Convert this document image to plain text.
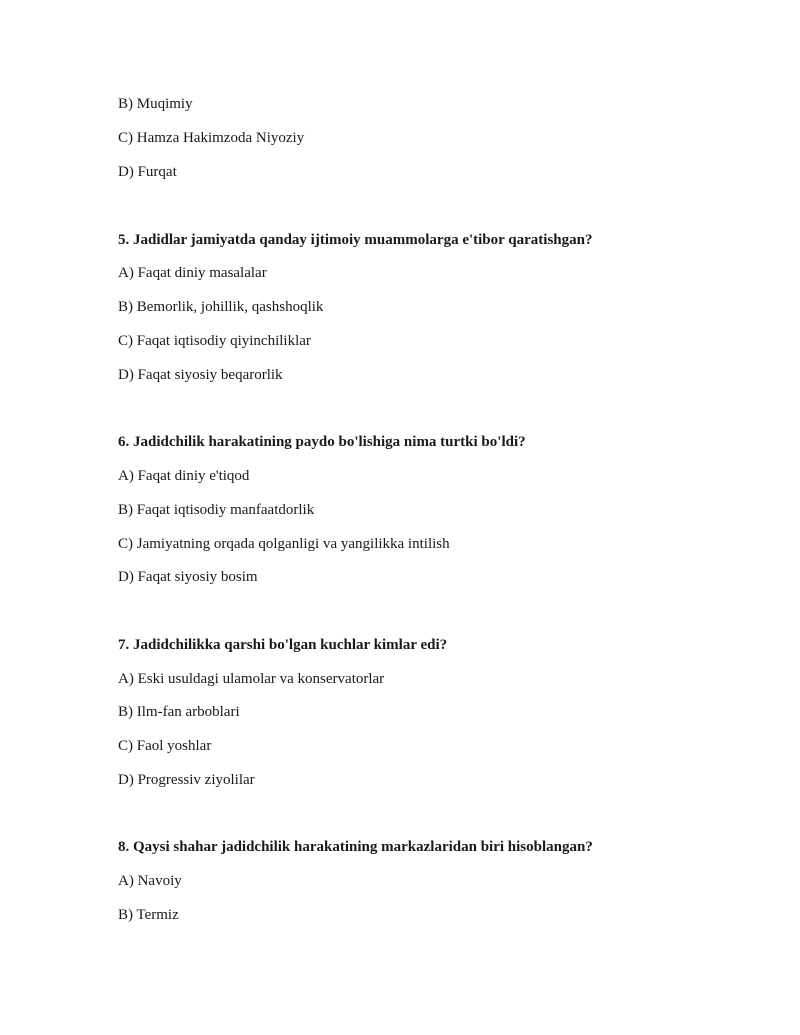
B) Muqimiy
C) Hamza Hakimzoda Niyoziy
D) Furqat
5. Jadidlar jamiyatda qanday ijtimoiy muammolarga e'tibor qaratishgan?
A) Faqat diniy masalalar
B) Bemorlik, johillik, qashshoqlik
C) Faqat iqtisodiy qiyinchiliklar
D) Faqat siyosiy beqarorlik
6. Jadidchilik harakatining paydo bo'lishiga nima turtki bo'ldi?
A) Faqat diniy e'tiqod
B) Faqat iqtisodiy manfaatdorlik
C) Jamiyatning orqada qolganligi va yangilikka intilish
D) Faqat siyosiy bosim
7. Jadidchilikka qarshi bo'lgan kuchlar kimlar edi?
A) Eski usuldagi ulamolar va konservatorlar
B) Ilm-fan arboblari
C) Faol yoshlar
D) Progressiv ziyolilar
8. Qaysi shahar jadidchilik harakatining markazlaridan biri hisoblangan?
A) Navoiy
B) Termiz
